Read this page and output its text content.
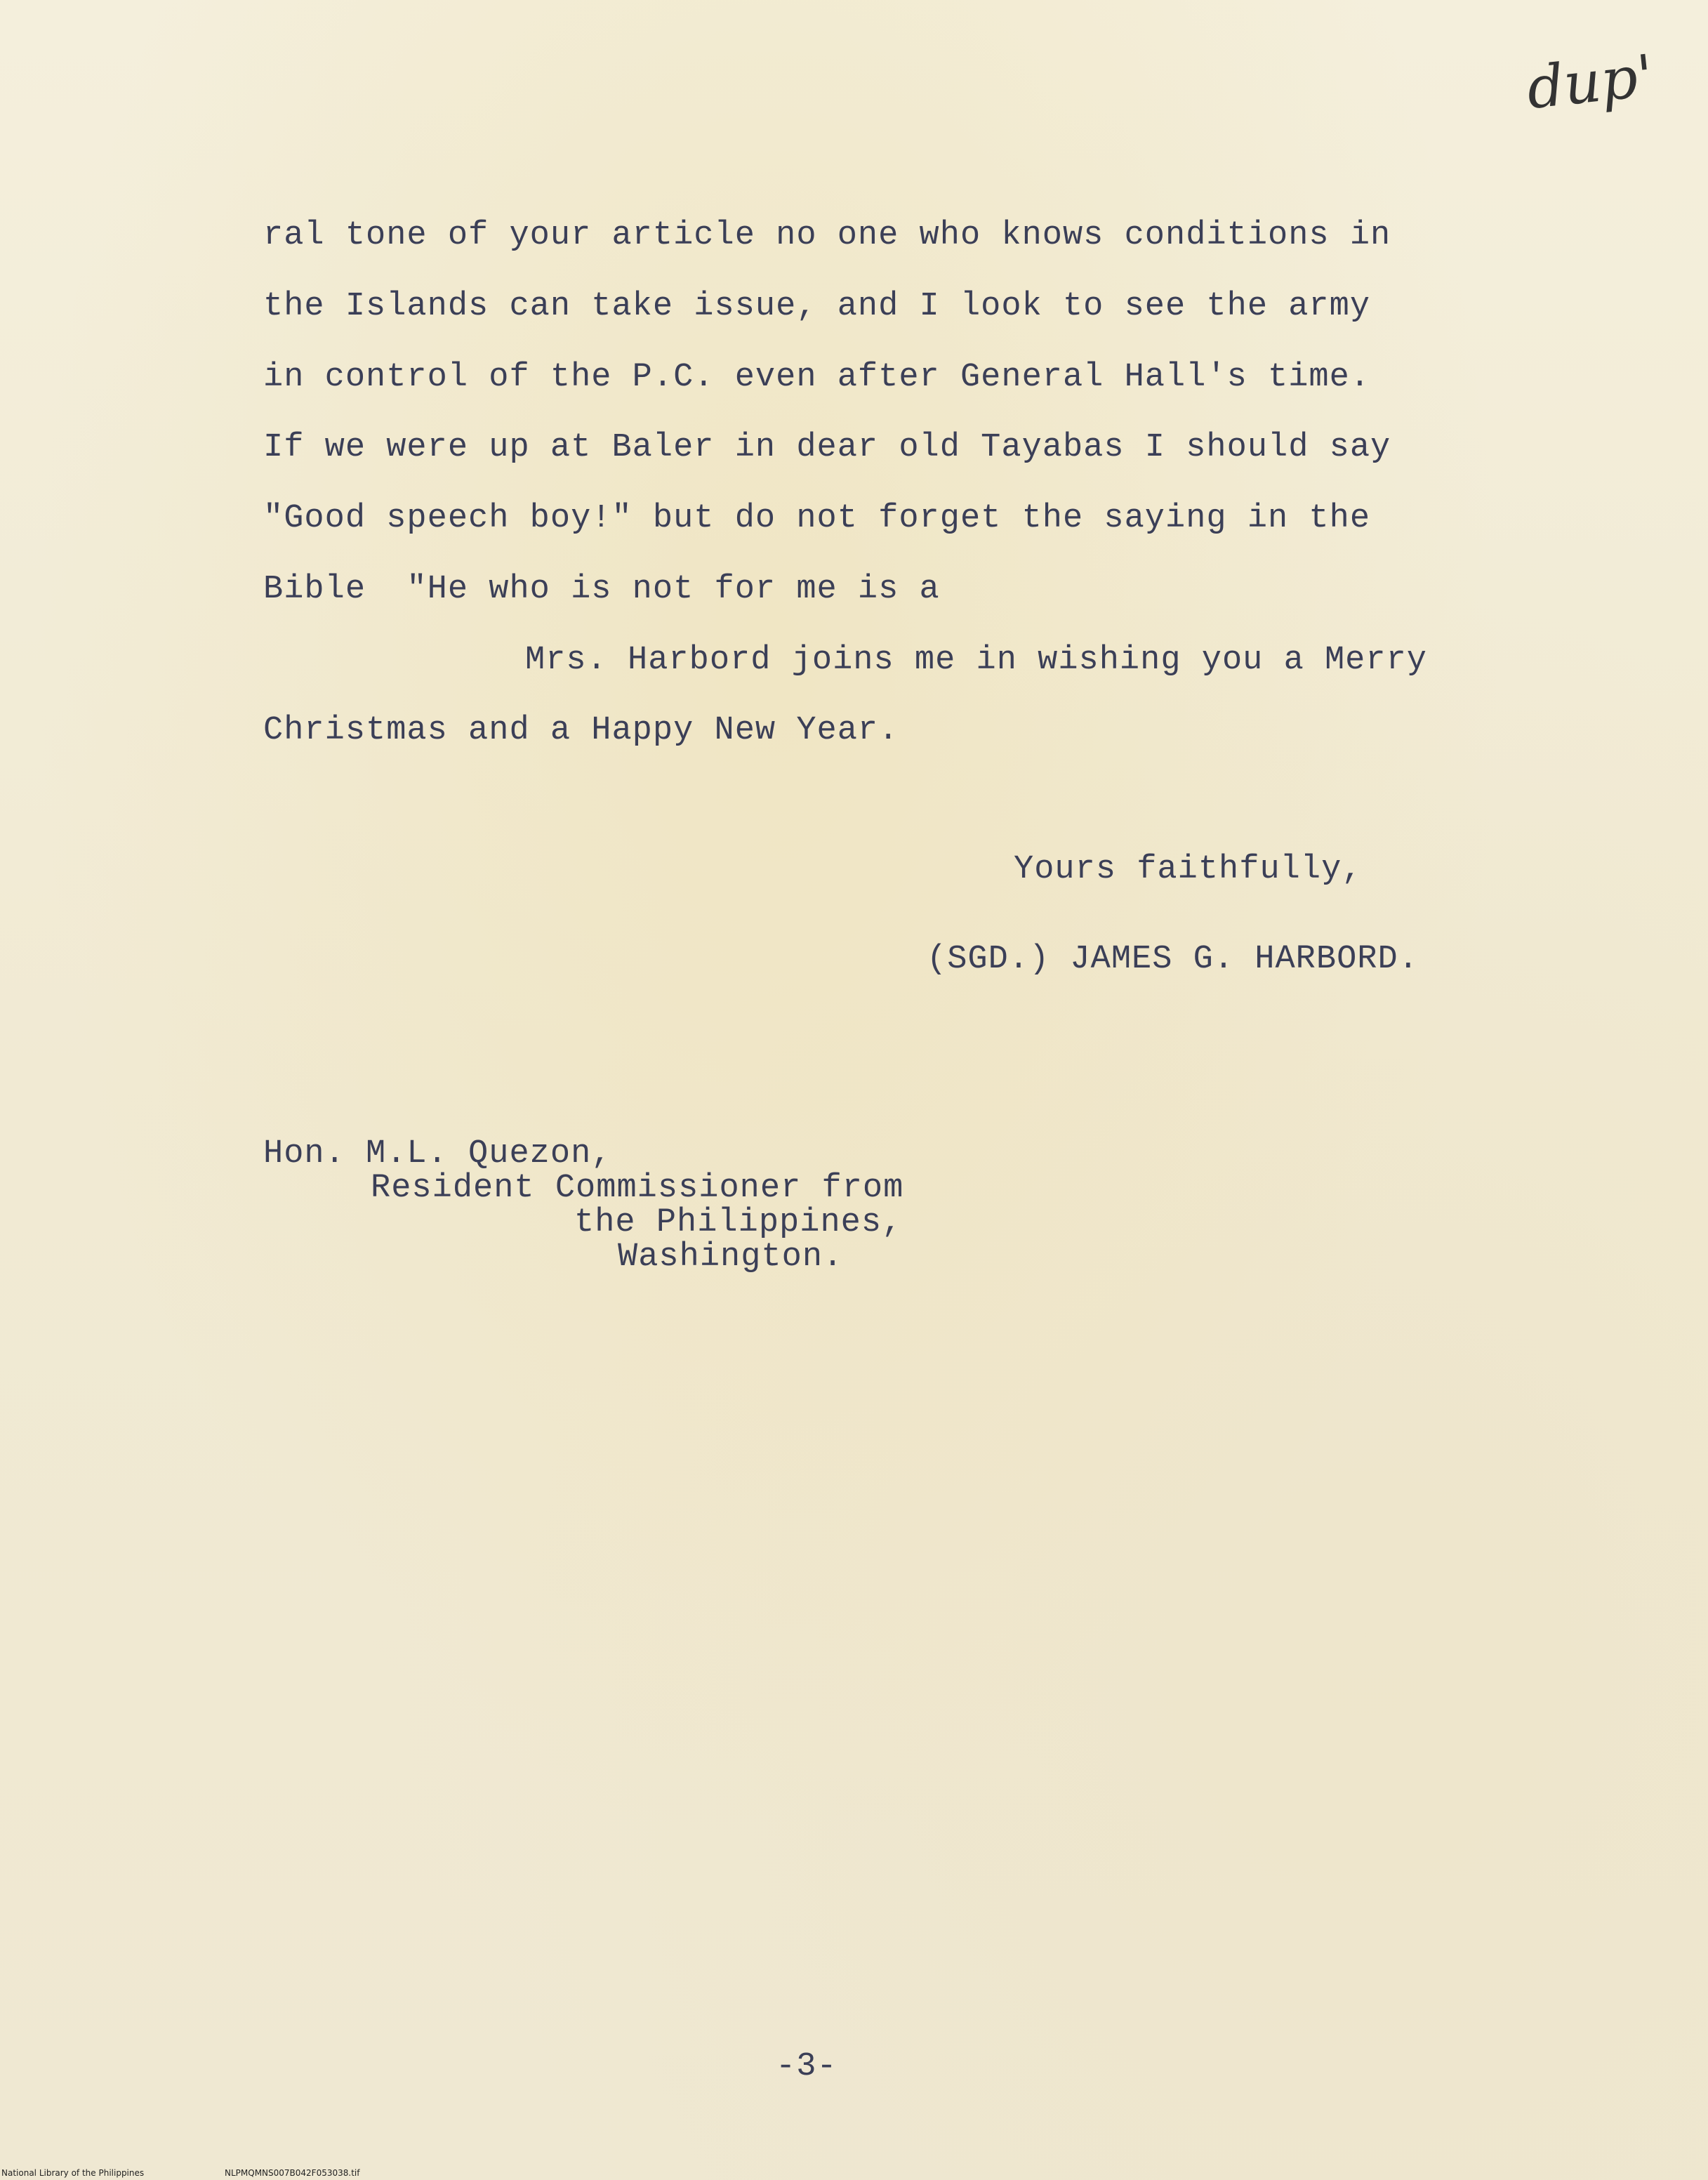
dup'
ral tone of your article no one who knows conditions in
the Islands can take issue, and I look to see the army
in control of the P.C. even after General Hall's time.
If we were up at Baler in dear old Tayabas I should say
"Good speech boy!" but do not forget the saying in the
Bible  "He who is not for me is a
Mrs. Harbord joins me in wishing you a Merry
Christmas and a Happy New Year.
Yours faithfully,
(SGD.) JAMES G. HARBORD.
Hon. M.L. Quezon,
Resident Commissioner from
the Philippines,
Washington.
-3-
National Library of the Philippines	NLPMQMNS007B042F053038.tif
